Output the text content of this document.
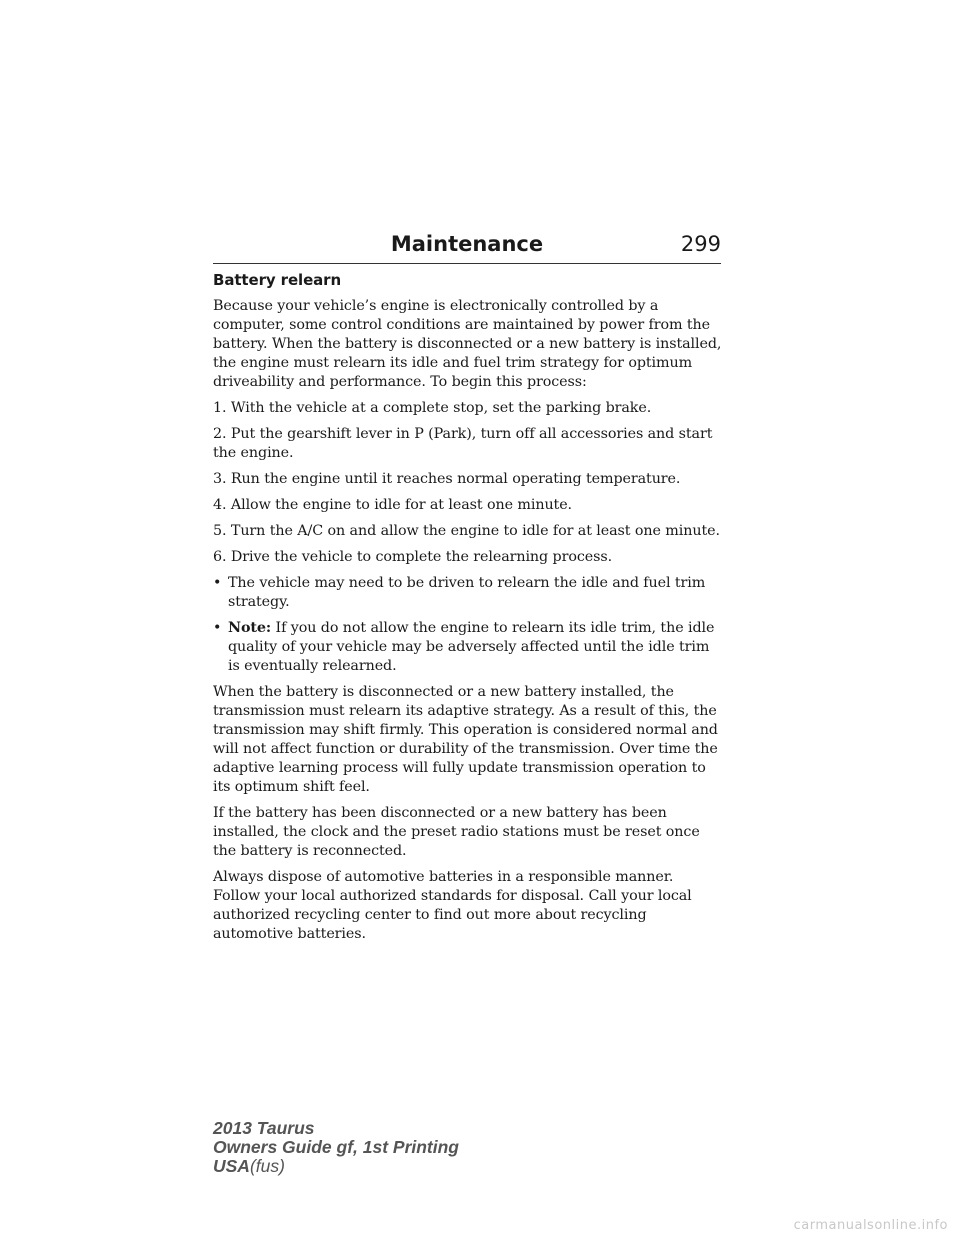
Maintenance	299
Battery relearn

Because your vehicle’s engine is electronically controlled by a computer, some control conditions are maintained by power from the battery. When the battery is disconnected or a new battery is installed, the engine must relearn its idle and fuel trim strategy for optimum driveability and performance. To begin this process:

1. With the vehicle at a complete stop, set the parking brake.

2. Put the gearshift lever in P (Park), turn off all accessories and start the engine.

3. Run the engine until it reaches normal operating temperature.

4. Allow the engine to idle for at least one minute.

5. Turn the A/C on and allow the engine to idle for at least one minute.

6. Drive the vehicle to complete the relearning process.

• The vehicle may need to be driven to relearn the idle and fuel trim strategy.
• Note: If you do not allow the engine to relearn its idle trim, the idle quality of your vehicle may be adversely affected until the idle trim is eventually relearned.

When the battery is disconnected or a new battery installed, the transmission must relearn its adaptive strategy. As a result of this, the transmission may shift firmly. This operation is considered normal and will not affect function or durability of the transmission. Over time the adaptive learning process will fully update transmission operation to its optimum shift feel.

If the battery has been disconnected or a new battery has been installed, the clock and the preset radio stations must be reset once the battery is reconnected.

Always dispose of automotive batteries in a responsible manner. Follow your local authorized standards for disposal. Call your local authorized recycling center to find out more about recycling automotive batteries.

2013 Taurus
Owners Guide gf, 1st Printing
USA(fus)
carmanualsonline.info
